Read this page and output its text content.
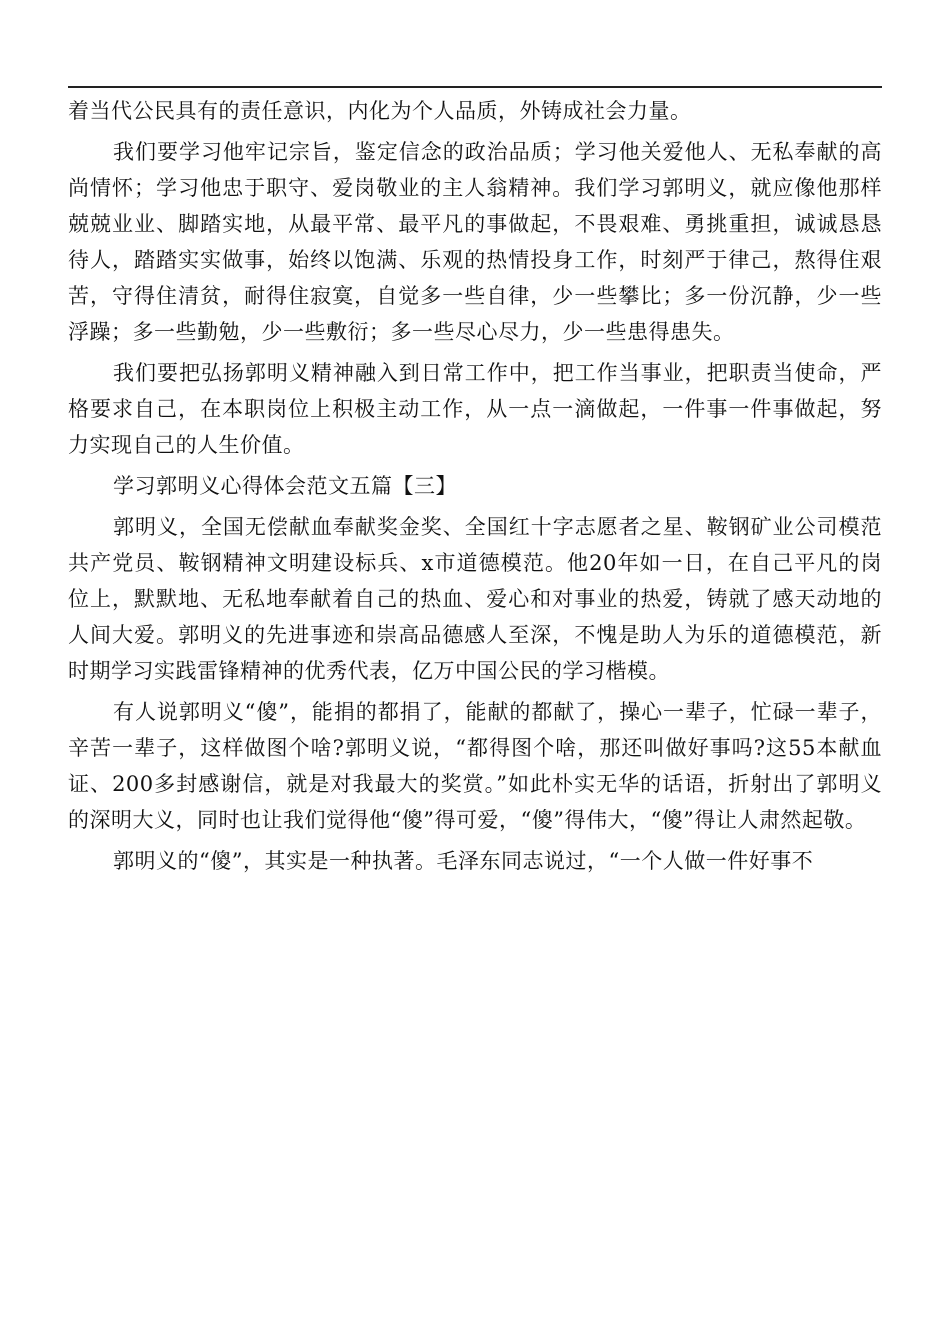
着当代公民具有的责任意识，内化为个人品质，外铸成社会力量。

我们要学习他牢记宗旨，鉴定信念的政治品质；学习他关爱他人、无私奉献的高尚情怀；学习他忠于职守、爱岗敬业的主人翁精神。我们学习郭明义，就应像他那样兢兢业业、脚踏实地，从最平常、最平凡的事做起，不畏艰难、勇挑重担，诚诚恳恳待人，踏踏实实做事，始终以饱满、乐观的热情投身工作，时刻严于律己，熬得住艰苦，守得住清贫，耐得住寂寞，自觉多一些自律，少一些攀比；多一份沉静，少一些浮躁；多一些勤勉，少一些敷衍；多一些尽心尽力，少一些患得患失。

我们要把弘扬郭明义精神融入到日常工作中，把工作当事业，把职责当使命，严格要求自己，在本职岗位上积极主动工作，从一点一滴做起，一件事一件事做起，努力实现自己的人生价值。

学习郭明义心得体会范文五篇【三】

郭明义，全国无偿献血奉献奖金奖、全国红十字志愿者之星、鞍钢矿业公司模范共产党员、鞍钢精神文明建设标兵、x市道德模范。他20年如一日，在自己平凡的岗位上，默默地、无私地奉献着自己的热血、爱心和对事业的热爱，铸就了感天动地的人间大爱。郭明义的先进事迹和崇高品德感人至深，不愧是助人为乐的道德模范，新时期学习实践雷锋精神的优秀代表，亿万中国公民的学习楷模。

有人说郭明义“傻”，能捐的都捐了，能献的都献了，操心一辈子，忙碌一辈子，辛苦一辈子，这样做图个啥?郭明义说，“都得图个啥，那还叫做好事吗?这55本献血证、200多封感谢信，就是对我最大的奖赏。”如此朴实无华的话语，折射出了郭明义的深明大义，同时也让我们觉得他“傻”得可爱，“傻”得伟大，“傻”得让人肃然起敬。

郭明义的“傻”，其实是一种执著。毛泽东同志说过，“一个人做一件好事不
